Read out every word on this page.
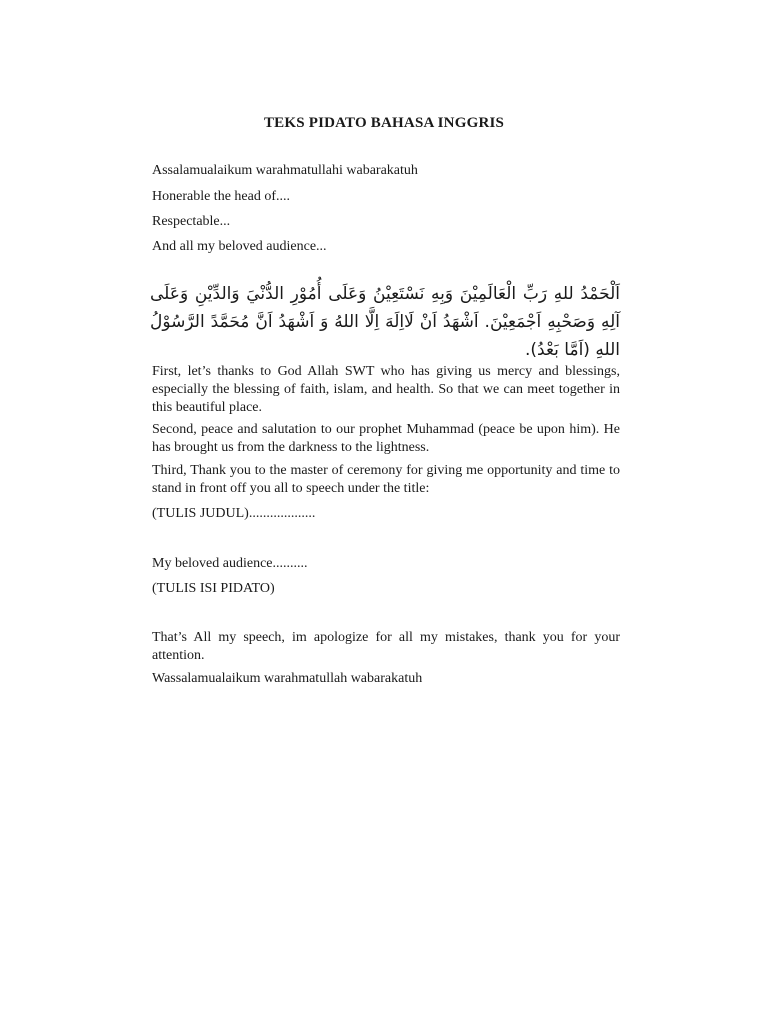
TEKS PIDATO BAHASA INGGRIS
Assalamualaikum warahmatullahi wabarakatuh
Honerable the head of....
Respectable...
And all my beloved audience...
اَلْحَمْدُ للهِ رَبِّ الْعَالَمِيْنَ وَبِهِ نَسْتَعِيْنُ وَعَلَى أُمُوْرِ الدُّنْيَ وَالدِّيْنِ وَعَلَى آلِهِ وَصَحْبِهِ اَجْمَعِيْنَ. اَشْهَدُ اَنْ لَااِلَهَ اِلَّا اللهُ وَ اَشْهَدُ اَنَّ مُحَمَّدً الرَّسُوْلُ اللهِ (اَمَّا بَعْدُ).
First, let’s thanks to God Allah SWT who has giving us mercy and blessings, especially the blessing of faith, islam, and health. So that we can meet together in this beautiful place.
Second, peace and salutation to our prophet Muhammad (peace be upon him). He has brought us from the darkness to the lightness.
Third, Thank you to the master of ceremony for giving me opportunity and time to stand in front off you all to speech under the title:
(TULIS JUDUL)...................
My beloved audience..........
(TULIS ISI PIDATO)
That’s All my speech, im apologize for all my mistakes, thank you for your attention.
Wassalamualaikum warahmatullah wabarakatuh
